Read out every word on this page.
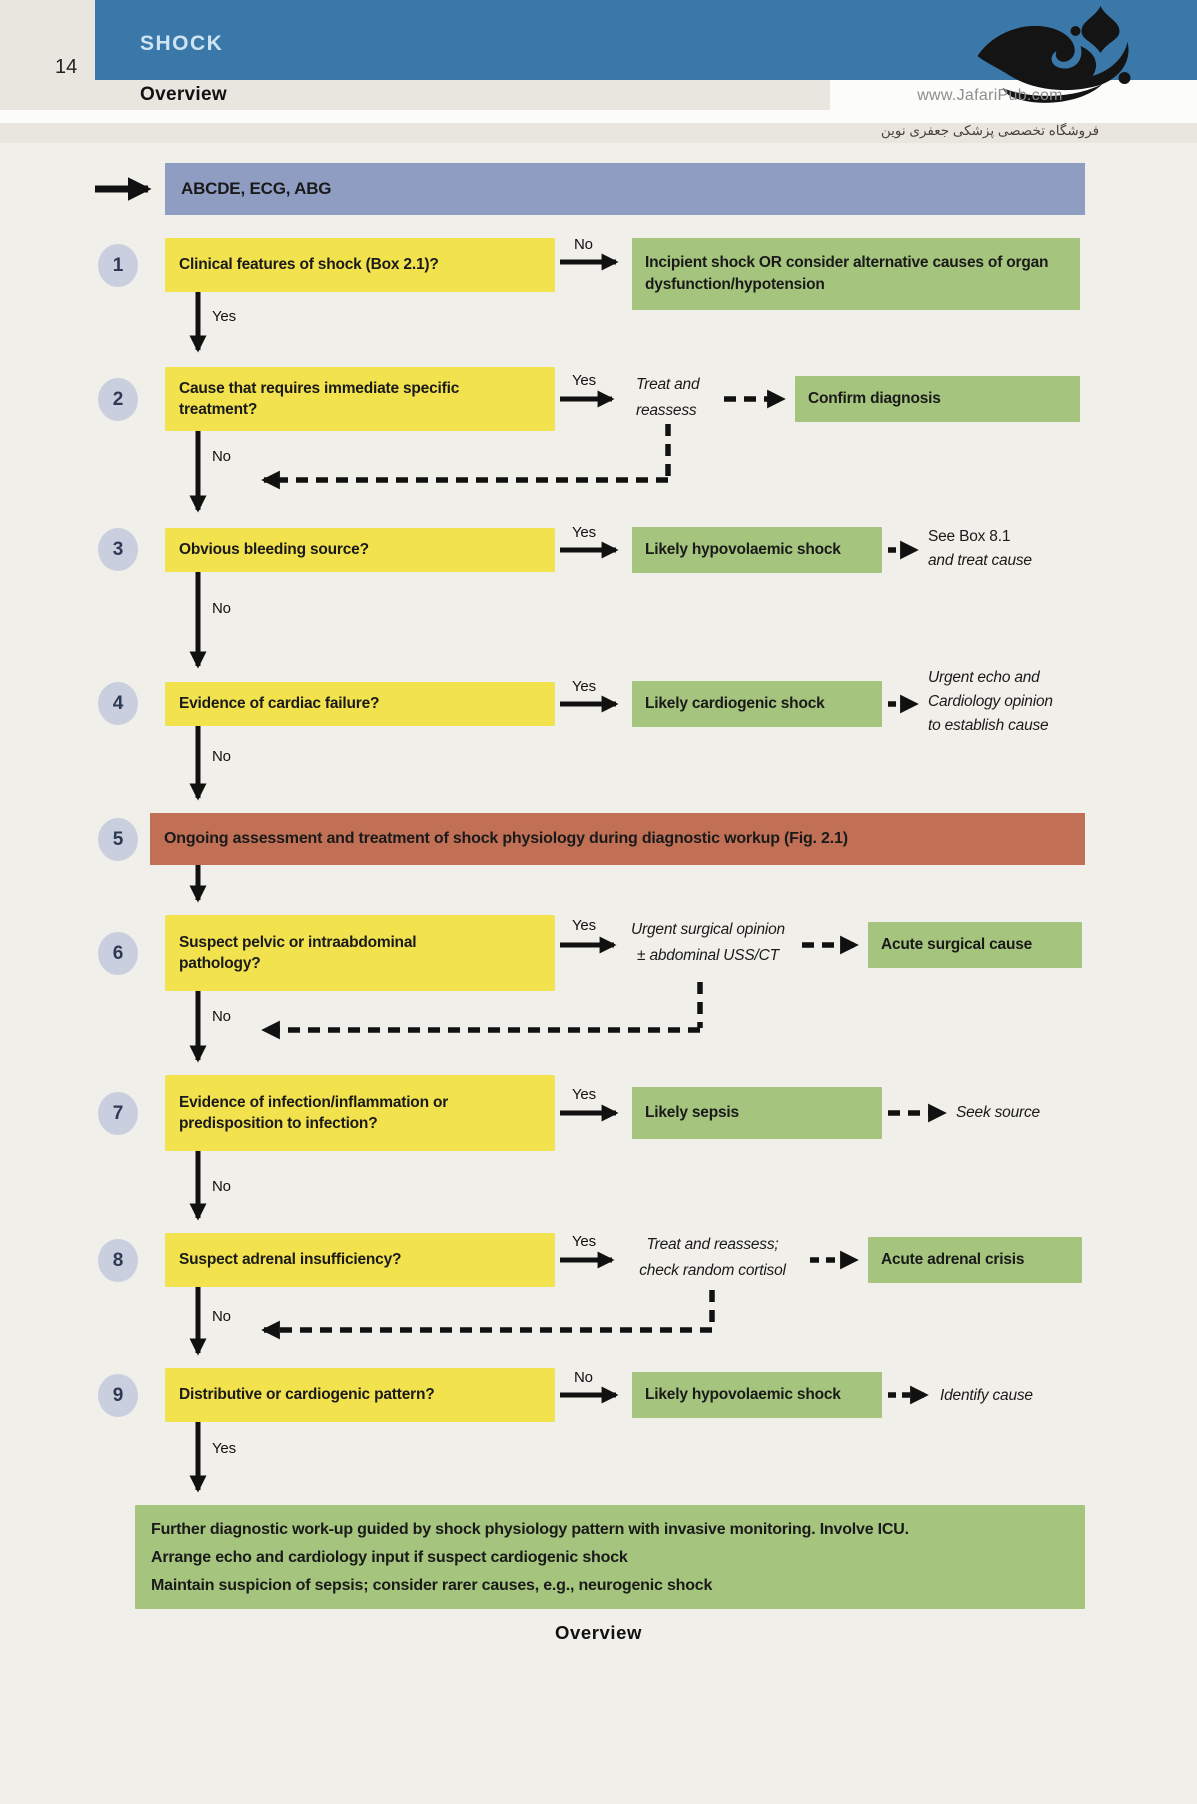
SHOCK
14
Overview	www.JafariPub.com
فروشگاه تخصصی پزشکی جعفری نوین
ABCDE, ECG, ABG
1	Clinical features of shock (Box 2.1)?
No
Incipient shock OR consider alternative causes of organ dysfunction/hypotension
Yes
2
Cause that requires immediate specific treatment?
Yes	Treat and
reassess
Confirm diagnosis
No
3	Obvious bleeding source?
Yes
Likely hypovolaemic shock
See Box 8.1
and treat cause
No
4	Evidence of cardiac failure?
Yes
Likely cardiogenic shock
Urgent echo and
Cardiology opinion
to establish cause
No
5	Ongoing assessment and treatment of shock physiology during diagnostic workup (Fig. 2.1)
6
Suspect pelvic or intraabdominal pathology?
Yes	Urgent surgical opinion
± abdominal USS/CT
Acute surgical cause
No
7
Evidence of infection/inflammation or predisposition to infection?
Yes
Likely sepsis	Seek source
No
8	Suspect adrenal insufficiency?
Yes	Treat and reassess;
check random cortisol
Acute adrenal crisis
No
9	Distributive or cardiogenic pattern?
No
Likely hypovolaemic shock	Identify cause
Yes
Further diagnostic work-up guided by shock physiology pattern with invasive monitoring. Involve ICU.
Arrange echo and cardiology input if suspect cardiogenic shock
Maintain suspicion of sepsis; consider rarer causes, e.g., neurogenic shock
Overview
